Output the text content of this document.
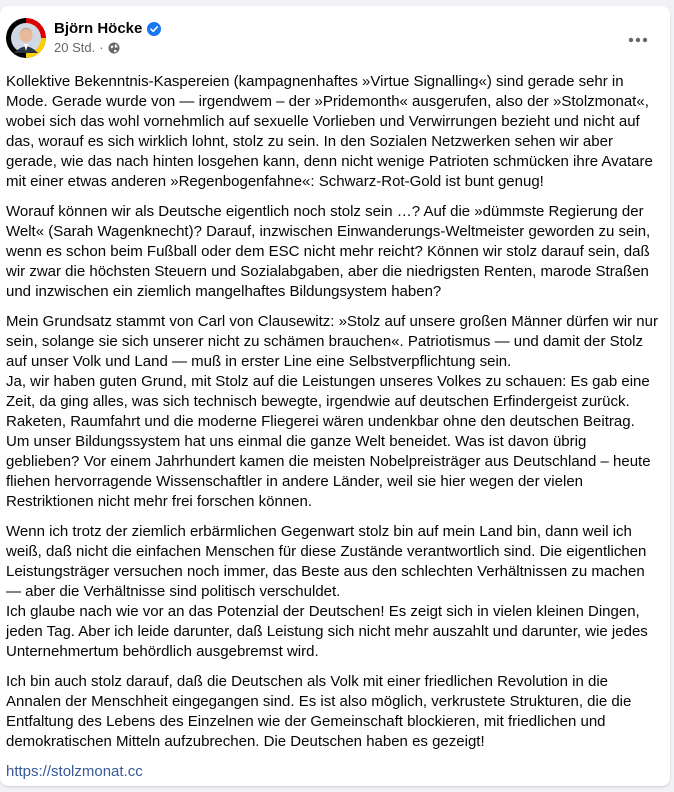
Björn Höcke
20 Std. ·

Kollektive Bekenntnis-Kaspereien (kampagnenhaftes »Virtue Signalling«) sind gerade sehr in Mode. Gerade wurde von — irgendwem – der »Pridemonth« ausgerufen, also der »Stolzmonat«, wobei sich das wohl vornehmlich auf sexuelle Vorlieben und Verwirrungen bezieht und nicht auf das, worauf es sich wirklich lohnt, stolz zu sein. In den Sozialen Netzwerken sehen wir aber gerade, wie das nach hinten losgehen kann, denn nicht wenige Patrioten schmücken ihre Avatare mit einer etwas anderen »Regenbogenfahne«: Schwarz-Rot-Gold ist bunt genug!

Worauf können wir als Deutsche eigentlich noch stolz sein …? Auf die »dümmste Regierung der Welt« (Sarah Wagenknecht)? Darauf, inzwischen Einwanderungs-Weltmeister geworden zu sein, wenn es schon beim Fußball oder dem ESC nicht mehr reicht? Können wir stolz darauf sein, daß wir zwar die höchsten Steuern und Sozialabgaben, aber die niedrigsten Renten, marode Straßen und inzwischen ein ziemlich mangelhaftes Bildungsystem haben?

Mein Grundsatz stammt von Carl von Clausewitz: »Stolz auf unsere großen Männer dürfen wir nur sein, solange sie sich unserer nicht zu schämen brauchen«. Patriotismus — und damit der Stolz auf unser Volk und Land — muß in erster Line eine Selbstverpflichtung sein.
Ja, wir haben guten Grund, mit Stolz auf die Leistungen unseres Volkes zu schauen: Es gab eine Zeit, da ging alles, was sich technisch bewegte, irgendwie auf deutschen Erfindergeist zurück. Raketen, Raumfahrt und die moderne Fliegerei wären undenkbar ohne den deutschen Beitrag. Um unser Bildungssystem hat uns einmal die ganze Welt beneidet. Was ist davon übrig geblieben? Vor einem Jahrhundert kamen die meisten Nobelpreisträger aus Deutschland – heute fliehen hervorragende Wissenschaftler in andere Länder, weil sie hier wegen der vielen Restriktionen nicht mehr frei forschen können.

Wenn ich trotz der ziemlich erbärmlichen Gegenwart stolz bin auf mein Land bin, dann weil ich weiß, daß nicht die einfachen Menschen für diese Zustände verantwortlich sind. Die eigentlichen Leistungsträger versuchen noch immer, das Beste aus den schlechten Verhältnissen zu machen — aber die Verhältnisse sind politisch verschuldet.
Ich glaube nach wie vor an das Potenzial der Deutschen! Es zeigt sich in vielen kleinen Dingen, jeden Tag. Aber ich leide darunter, daß Leistung sich nicht mehr auszahlt und darunter, wie jedes Unternehmertum behördlich ausgebremst wird.

Ich bin auch stolz darauf, daß die Deutschen als Volk mit einer friedlichen Revolution in die Annalen der Menschheit eingegangen sind. Es ist also möglich, verkrustete Strukturen, die die Entfaltung des Lebens des Einzelnen wie der Gemeinschaft blockieren, mit friedlichen und demokratischen Mitteln aufzubrechen. Die Deutschen haben es gezeigt!

https://stolzmonat.cc
